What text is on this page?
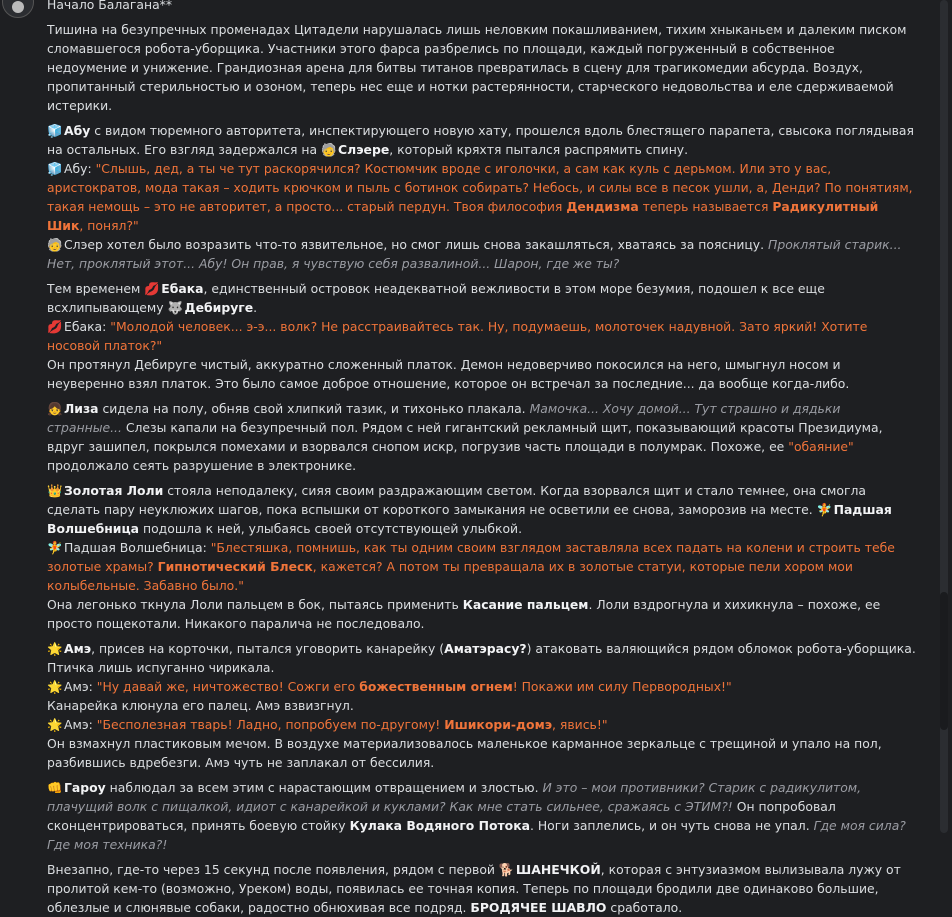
Начало Балагана**
Тишина на безупречных променадах Цитадели нарушалась лишь неловким покашливанием, тихим хныканьем и далеким писком сломавшегося робота-уборщика. Участники этого фарса разбрелись по площади, каждый погруженный в собственное недоумение и унижение. Грандиозная арена для битвы титанов превратилась в сцену для трагикомедии абсурда. Воздух, пропитанный стерильностью и озоном, теперь нес еще и нотки растерянности, старческого недовольства и еле сдерживаемой истерики.
🧊 Абу с видом тюремного авторитета, инспектирующего новую хату, прошелся вдоль блестящего парапета, свысока поглядывая на остальных. Его взгляд задержался на 🧓 Слэере, который кряхтя пытался распрямить спину.
🧊 Абу: "Слышь, дед, а ты че тут раскорячился? Костюмчик вроде с иголочки, а сам как куль с дерьмом. Или это у вас, аристократов, модa такая – ходить крючком и пыль с ботинок собирать? Небось, и силы все в песок ушли, а, Денди? По понятиям, такая немощь – это не авторитет, а просто... старый пердун. Твоя философия Дендизма теперь называется Радикулитный Шик, понял?"
🧓 Слэер хотел было возразить что-то язвительное, но смог лишь снова закашляться, хватаясь за поясницу. Проклятый старик... Нет, проклятый этот... Абу! Он прав, я чувствую себя развалиной... Шарон, где же ты?
Тем временем 💋 Ебака, единственный островок неадекватной вежливости в этом море безумия, подошел к все еще всхлипывающему 🐺 Дебируге.
💋 Ебака: "Молодой человек... э-э... волк? Не расстраивайтесь так. Ну, подумаешь, молоточек надувной. Зато яркий! Хотите носовой платок?"
Он протянул Дебируге чистый, аккуратно сложенный платок. Демон недоверчиво покосился на него, шмыгнул носом и неуверенно взял платок. Это было самое доброе отношение, которое он встречал за последние... да вообще когда-либо.
👧 Лиза сидела на полу, обняв свой хлипкий тазик, и тихонько плакала. Мамочка... Хочу домой... Тут страшно и дядьки странные... Слезы капали на безупречный пол. Рядом с ней гигантский рекламный щит, показывающий красоты Президиума, вдруг зашипел, покрылся помехами и взорвался снопом искр, погрузив часть площади в полумрак. Похоже, ее "обаяние" продолжало сеять разрушение в электронике.
👑 Золотая Лоли стояла неподалеку, сияя своим раздражающим светом. Когда взорвался щит и стало темнее, она смогла сделать пару неуклюжих шагов, пока вспышки от короткого замыкания не осветили ее снова, заморозив на месте. 🧚 Падшая Волшебница подошла к ней, улыбаясь своей отсутствующей улыбкой.
🧚 Падшая Волшебница: "Блестяшка, помнишь, как ты одним своим взглядом заставляла всех падать на колени и строить тебе золотые храмы? Гипнотический Блеск, кажется? А потом ты превращала их в золотые статуи, которые пели хором мои колыбельные. Забавно было."
Она легонько ткнула Лоли пальцем в бок, пытаясь применить Касание пальцем. Лоли вздрогнула и хихикнула – похоже, ее просто пощекотали. Никакого паралича не последовало.
🌟 Амэ, присев на корточки, пытался уговорить канарейку (Аматэрасу?) атаковать валяющийся рядом обломок робота-уборщика. Птичка лишь испуганно чирикала.
🌟 Амэ: "Ну давай же, ничтожество! Сожги его божественным огнем! Покажи им силу Первородных!"
Канарейка клюнула его палец. Амэ взвизгнул.
🌟 Амэ: "Бесполезная тварь! Ладно, попробуем по-другому! Ишикори-домэ, явись!"
Он взмахнул пластиковым мечом. В воздухе материализовалось маленькое карманное зеркальце с трещиной и упало на пол, разбившись вдребезги. Амэ чуть не заплакал от бессилия.
👊 Гароу наблюдал за всем этим с нарастающим отвращением и злостью. И это – мои противники? Старик с радикулитом, плачущий волк с пищалкой, идиот с канарейкой и куклами? Как мне стать сильнее, сражаясь с ЭТИМ?! Он попробовал сконцентрироваться, принять боевую стойку Кулака Водяного Потока. Ноги заплелись, и он чуть снова не упал. Где моя сила? Где моя техника?!
Внезапно, где-то через 15 секунд после появления, рядом с первой 🐕 ШАНЕЧКОЙ, которая с энтузиазмом вылизывала лужу от пролитой кем-то (возможно, Уреком) воды, появилась ее точная копия. Теперь по площади бродили две одинаково большие, облезлые и слюнявые собаки, радостно обнюхивая все подряд. БРОДЯЧЕЕ ШАВЛО сработало.
